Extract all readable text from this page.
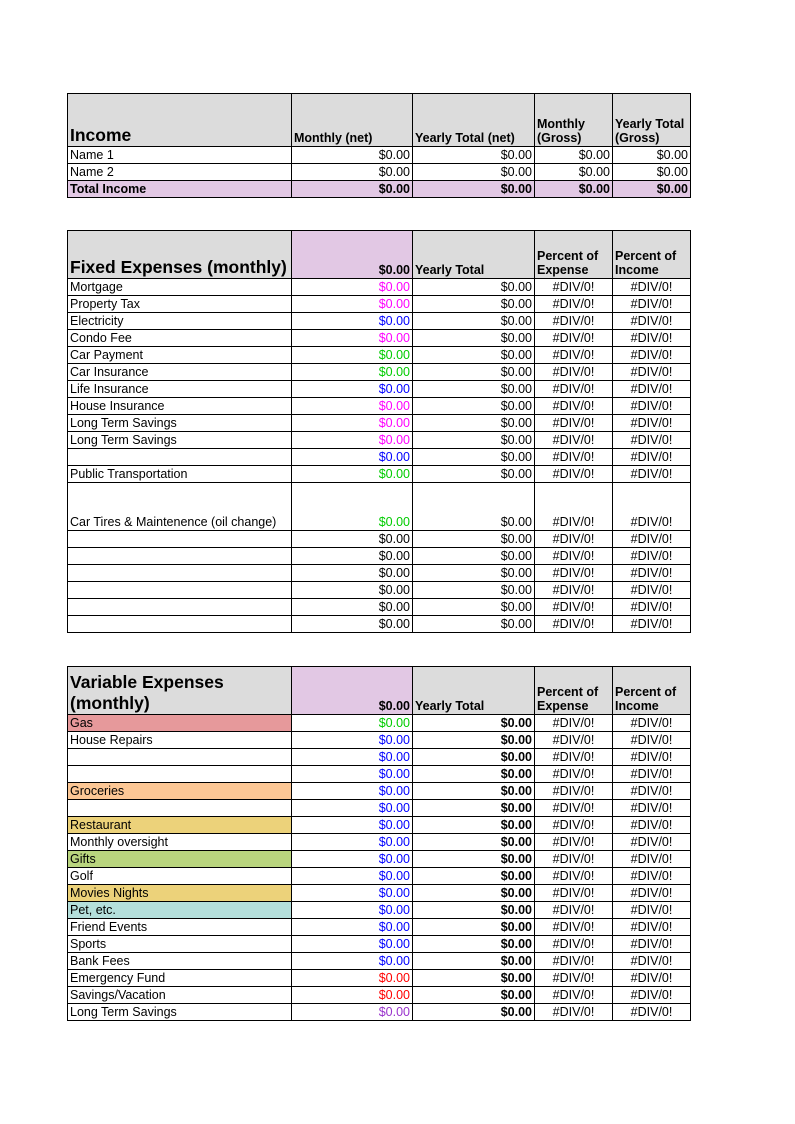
Income	Monthly (net)	Yearly Total (net)	Monthly (Gross)	Yearly Total (Gross)
Name 1	$0.00	$0.00	$0.00	$0.00
Name 2	$0.00	$0.00	$0.00	$0.00
Total Income	$0.00	$0.00	$0.00	$0.00
Fixed Expenses (monthly)	$0.00	Yearly Total	Percent of Expense	Percent of Income
Mortgage	$0.00	$0.00	#DIV/0!	#DIV/0!
Property Tax	$0.00	$0.00	#DIV/0!	#DIV/0!
Electricity	$0.00	$0.00	#DIV/0!	#DIV/0!
Condo Fee	$0.00	$0.00	#DIV/0!	#DIV/0!
Car Payment	$0.00	$0.00	#DIV/0!	#DIV/0!
Car Insurance	$0.00	$0.00	#DIV/0!	#DIV/0!
Life Insurance	$0.00	$0.00	#DIV/0!	#DIV/0!
House Insurance	$0.00	$0.00	#DIV/0!	#DIV/0!
Long Term Savings	$0.00	$0.00	#DIV/0!	#DIV/0!
Long Term Savings	$0.00	$0.00	#DIV/0!	#DIV/0!
	$0.00	$0.00	#DIV/0!	#DIV/0!
Public Transportation	$0.00	$0.00	#DIV/0!	#DIV/0!
Car Tires & Maintenence (oil change)	$0.00	$0.00	#DIV/0!	#DIV/0!
	$0.00	$0.00	#DIV/0!	#DIV/0!
	$0.00	$0.00	#DIV/0!	#DIV/0!
	$0.00	$0.00	#DIV/0!	#DIV/0!
	$0.00	$0.00	#DIV/0!	#DIV/0!
	$0.00	$0.00	#DIV/0!	#DIV/0!
	$0.00	$0.00	#DIV/0!	#DIV/0!
Variable Expenses (monthly)	$0.00	Yearly Total	Percent of Expense	Percent of Income
Gas	$0.00	$0.00	#DIV/0!	#DIV/0!
House Repairs	$0.00	$0.00	#DIV/0!	#DIV/0!
	$0.00	$0.00	#DIV/0!	#DIV/0!
	$0.00	$0.00	#DIV/0!	#DIV/0!
Groceries	$0.00	$0.00	#DIV/0!	#DIV/0!
	$0.00	$0.00	#DIV/0!	#DIV/0!
Restaurant	$0.00	$0.00	#DIV/0!	#DIV/0!
Monthly oversight	$0.00	$0.00	#DIV/0!	#DIV/0!
Gifts	$0.00	$0.00	#DIV/0!	#DIV/0!
Golf	$0.00	$0.00	#DIV/0!	#DIV/0!
Movies Nights	$0.00	$0.00	#DIV/0!	#DIV/0!
Pet, etc.	$0.00	$0.00	#DIV/0!	#DIV/0!
Friend Events	$0.00	$0.00	#DIV/0!	#DIV/0!
Sports	$0.00	$0.00	#DIV/0!	#DIV/0!
Bank Fees	$0.00	$0.00	#DIV/0!	#DIV/0!
Emergency Fund	$0.00	$0.00	#DIV/0!	#DIV/0!
Savings/Vacation	$0.00	$0.00	#DIV/0!	#DIV/0!
Long Term Savings	$0.00	$0.00	#DIV/0!	#DIV/0!
